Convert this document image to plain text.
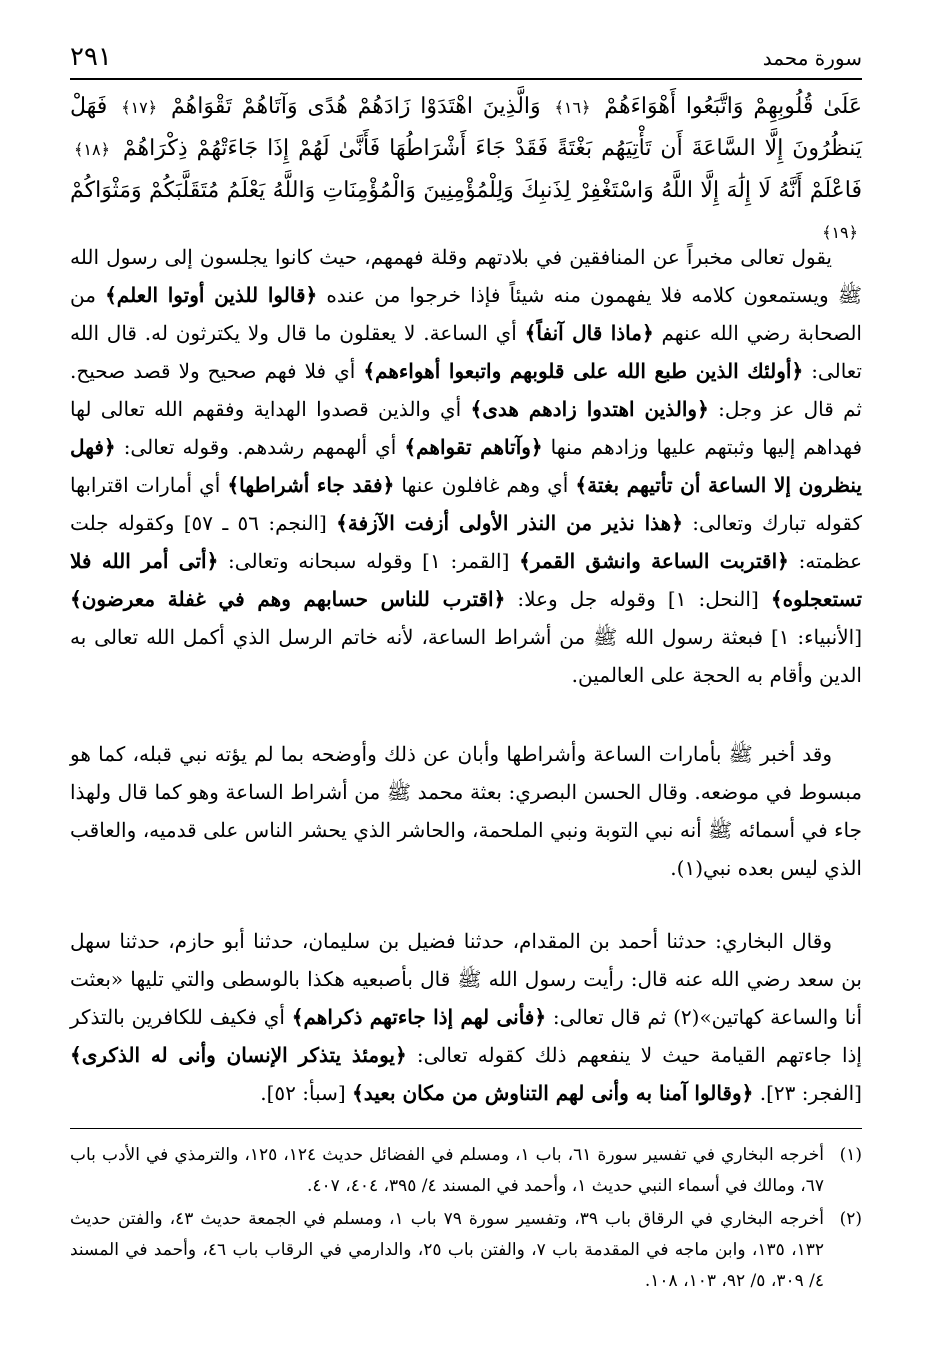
سورة محمد
٢٩١

عَلَىٰ قُلُوبِهِمْ وَاتَّبَعُوا أَهْوَاءَهُمْ ﴿١٦﴾ وَالَّذِينَ اهْتَدَوْا زَادَهُمْ هُدًى وَآتَاهُمْ تَقْوَاهُمْ ﴿١٧﴾ فَهَلْ يَنظُرُونَ إِلَّا السَّاعَةَ أَن تَأْتِيَهُم بَغْتَةً فَقَدْ جَاءَ أَشْرَاطُهَا فَأَنَّىٰ لَهُمْ إِذَا جَاءَتْهُمْ ذِكْرَاهُمْ ﴿١٨﴾ فَاعْلَمْ أَنَّهُ لَا إِلَٰهَ إِلَّا اللَّهُ وَاسْتَغْفِرْ لِذَنبِكَ وَلِلْمُؤْمِنِينَ وَالْمُؤْمِنَاتِ وَاللَّهُ يَعْلَمُ مُتَقَلَّبَكُمْ وَمَثْوَاكُمْ ﴿١٩﴾

يقول تعالى مخبراً عن المنافقين في بلادتهم وقلة فهمهم، حيث كانوا يجلسون إلى رسول الله ﷺ ويستمعون كلامه فلا يفهمون منه شيئاً فإذا خرجوا من عنده ﴿قالوا للذين أوتوا العلم﴾ من الصحابة رضي الله عنهم ﴿ماذا قال آنفاً﴾ أي الساعة. لا يعقلون ما قال ولا يكترثون له. قال الله تعالى: ﴿أولئك الذين طبع الله على قلوبهم واتبعوا أهواءهم﴾ أي فلا فهم صحيح ولا قصد صحيح. ثم قال عز وجل: ﴿والذين اهتدوا زادهم هدى﴾ أي والذين قصدوا الهداية وفقهم الله تعالى لها فهداهم إليها وثبتهم عليها وزادهم منها ﴿وآتاهم تقواهم﴾ أي ألهمهم رشدهم. وقوله تعالى: ﴿فهل ينظرون إلا الساعة أن تأتيهم بغتة﴾ أي وهم غافلون عنها ﴿فقد جاء أشراطها﴾ أي أمارات اقترابها كقوله تبارك وتعالى: ﴿هذا نذير من النذر الأولى أزفت الآزفة﴾ [النجم: ٥٦ ـ ٥٧] وكقوله جلت عظمته: ﴿اقتربت الساعة وانشق القمر﴾ [القمر: ١] وقوله سبحانه وتعالى: ﴿أتى أمر الله فلا تستعجلوه﴾ [النحل: ١] وقوله جل وعلا: ﴿اقترب للناس حسابهم وهم في غفلة معرضون﴾ [الأنبياء: ١] فبعثة رسول الله ﷺ من أشراط الساعة، لأنه خاتم الرسل الذي أكمل الله تعالى به الدين وأقام به الحجة على العالمين.

وقد أخبر ﷺ بأمارات الساعة وأشراطها وأبان عن ذلك وأوضحه بما لم يؤته نبي قبله، كما هو مبسوط في موضعه. وقال الحسن البصري: بعثة محمد ﷺ من أشراط الساعة وهو كما قال ولهذا جاء في أسمائه ﷺ أنه نبي التوبة ونبي الملحمة، والحاشر الذي يحشر الناس على قدميه، والعاقب الذي ليس بعده نبي(١).

وقال البخاري: حدثنا أحمد بن المقدام، حدثنا فضيل بن سليمان، حدثنا أبو حازم، حدثنا سهل بن سعد رضي الله عنه قال: رأيت رسول الله ﷺ قال بأصبعيه هكذا بالوسطى والتي تليها «بعثت أنا والساعة كهاتين»(٢) ثم قال تعالى: ﴿فأنى لهم إذا جاءتهم ذكراهم﴾ أي فكيف للكافرين بالتذكر إذا جاءتهم القيامة حيث لا ينفعهم ذلك كقوله تعالى: ﴿يومئذ يتذكر الإنسان وأنى له الذكرى﴾ [الفجر: ٢٣]. ﴿وقالوا آمنا به وأنى لهم التناوش من مكان بعيد﴾ [سبأ: ٥٢].

(١)
أخرجه البخاري في تفسير سورة ٦١، باب ١، ومسلم في الفضائل حديث ١٢٤، ١٢٥، والترمذي في الأدب باب ٦٧، ومالك في أسماء النبي حديث ١، وأحمد في المسند ٤/ ٣٩٥، ٤٠٤، ٤٠٧.
(٢)
أخرجه البخاري في الرقاق باب ٣٩، وتفسير سورة ٧٩ باب ١، ومسلم في الجمعة حديث ٤٣، والفتن حديث ١٣٢، ١٣٥، وابن ماجه في المقدمة باب ٧، والفتن باب ٢٥، والدارمي في الرقاب باب ٤٦، وأحمد في المسند ٤/ ٣٠٩، ٥/ ٩٢، ١٠٣، ١٠٨.
